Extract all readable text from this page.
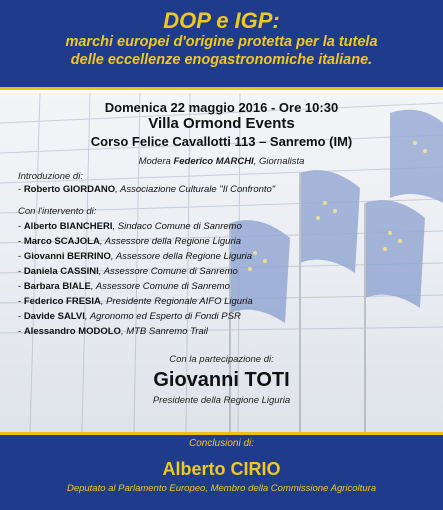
DOP e IGP:
marchi europei d'origine protetta per la tutela
delle eccellenze enogastronomiche italiane.
Domenica 22 maggio 2016 - Ore 10:30
Villa Ormond Events
Corso Felice Cavallotti 113 – Sanremo (IM)
Modera Federico MARCHI, Giornalista
Introduzione di:
- Roberto GIORDANO, Associazione Culturale "Il Confronto"
Con l'intervento di:
- Alberto BIANCHERI, Sindaco Comune di Sanremo
- Marco SCAJOLA, Assessore della Regione Liguria
- Giovanni BERRINO, Assessore della Regione Liguria
- Daniela CASSINI, Assessore Comune di Sanremo
- Barbara BIALE, Assessore Comune di Sanremo
- Federico FRESIA, Presidente Regionale AIFO Liguria
- Davide SALVI, Agronomo ed Esperto di Fondi PSR
- Alessandro MODOLO, MTB Sanremo Trail
Con la partecipazione di:
Giovanni TOTI
Presidente della Regione Liguria
Conclusioni di:
Alberto CIRIO
Deputato al Parlamento Europeo, Membro della Commissione Agricoltura
